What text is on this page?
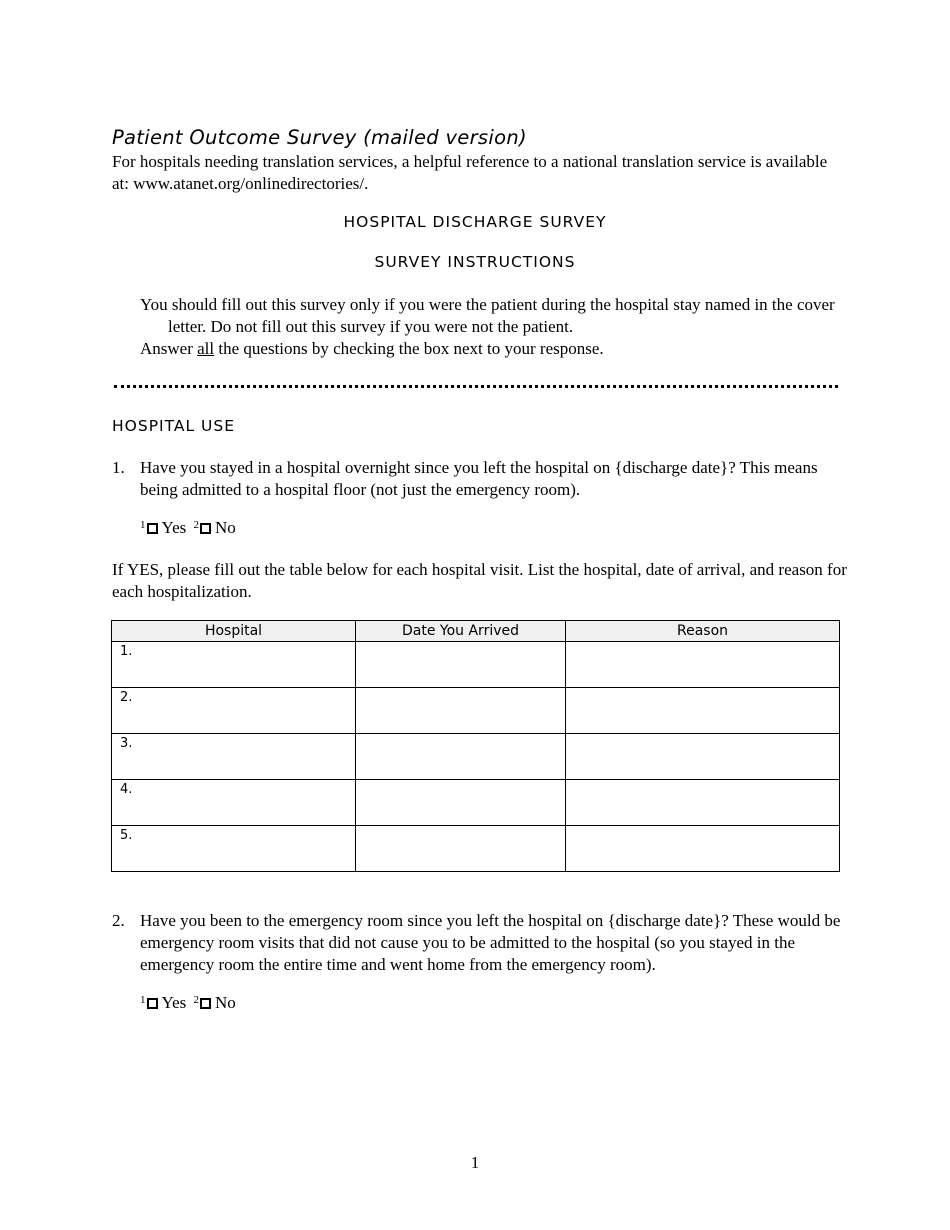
Patient Outcome Survey (mailed version)
For hospitals needing translation services, a helpful reference to a national translation service is available at: www.atanet.org/onlinedirectories/.
HOSPITAL DISCHARGE SURVEY
SURVEY INSTRUCTIONS

You should fill out this survey only if you were the patient during the hospital stay named in the cover letter. Do not fill out this survey if you were not the patient.

Answer all the questions by checking the box next to your response.

HOSPITAL USE
1. Have you stayed in a hospital overnight since you left the hospital on {discharge date}? This means being admitted to a hospital floor (not just the emergency room).
$^1$ Yes $^2$ No
If YES, please fill out the table below for each hospital visit. List the hospital, date of arrival, and reason for each hospitalization.
Hospital	Date You Arrived	Reason

1.		

2.		

3.		

4.		

5.		

2. Have you been to the emergency room since you left the hospital on {discharge date}? These would be emergency room visits that did not cause you to be admitted to the hospital (so you stayed in the emergency room the entire time and went home from the emergency room).
$^1$ Yes $^2$ No
1
